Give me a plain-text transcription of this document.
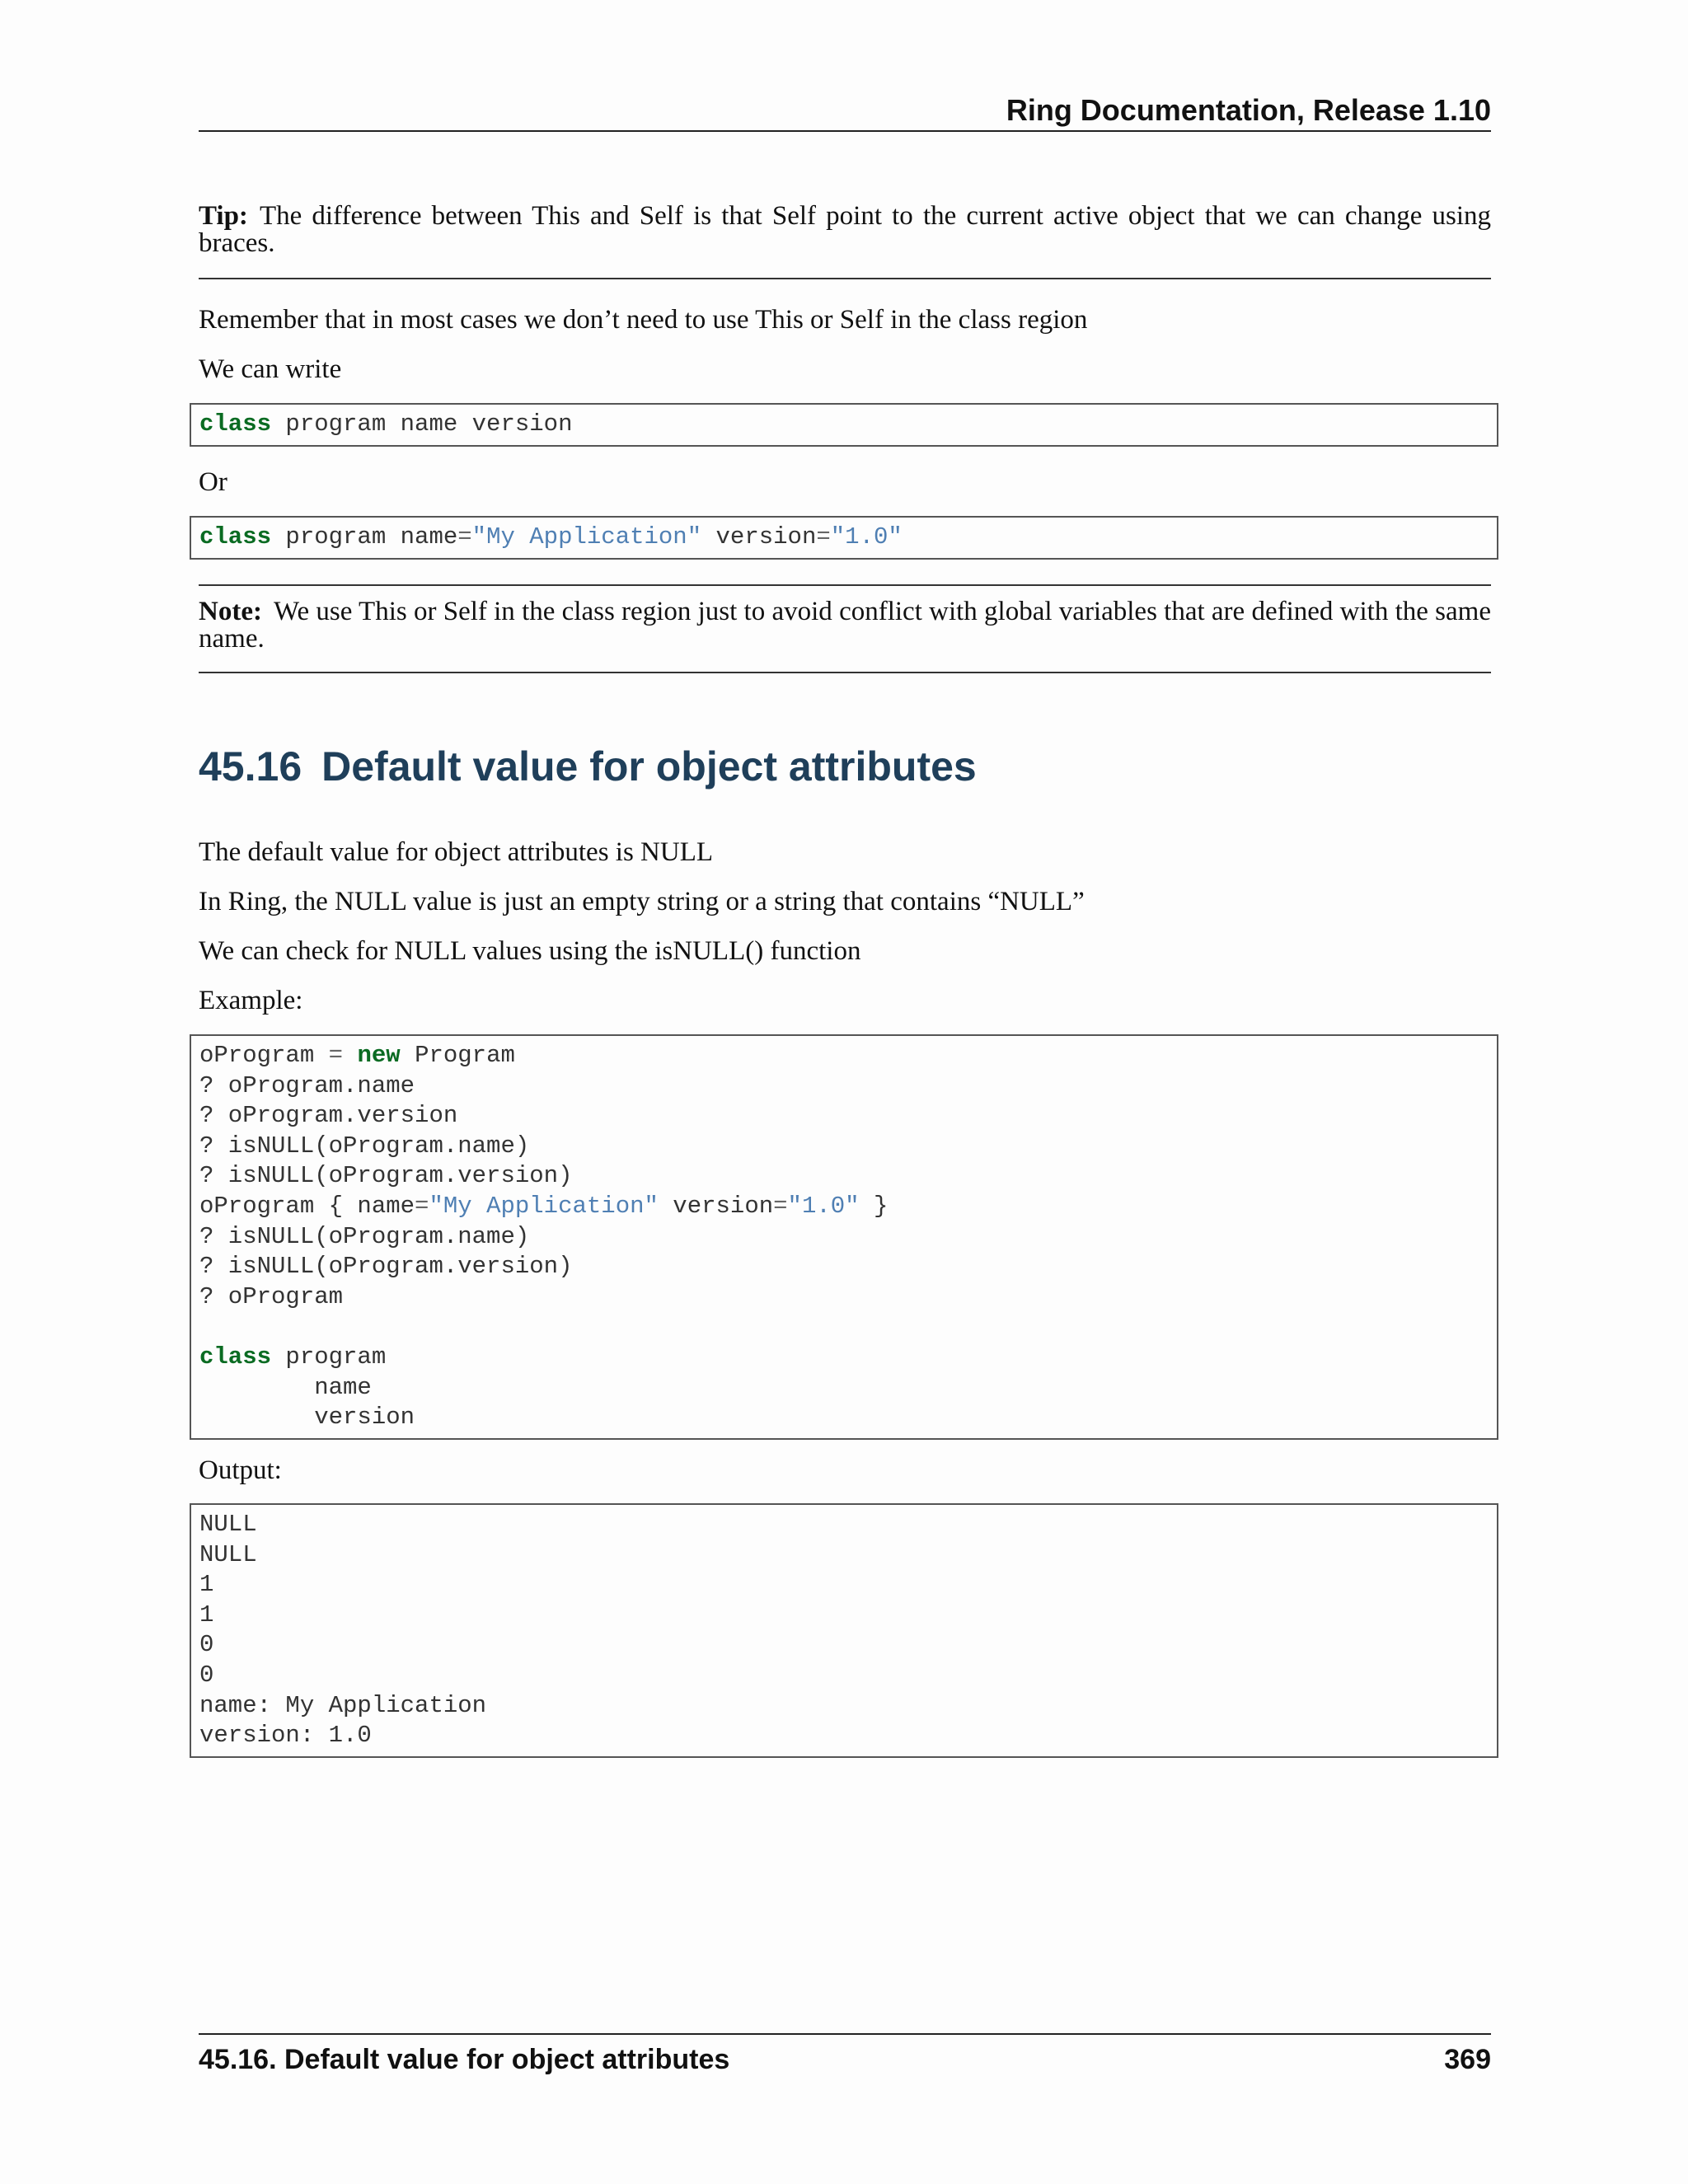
Ring Documentation, Release 1.10

Tip: The difference between This and Self is that Self point to the current active object that we can change using braces.

Remember that in most cases we don’t need to use This or Self in the class region

We can write

class program name version

Or

class program name="My Application" version="1.0"

Note: We use This or Self in the class region just to avoid conflict with global variables that are defined with the same name.

45.16 Default value for object attributes

The default value for object attributes is NULL

In Ring, the NULL value is just an empty string or a string that contains “NULL”

We can check for NULL values using the isNULL() function

Example:

oProgram = new Program
? oProgram.name
? oProgram.version
? isNULL(oProgram.name)
? isNULL(oProgram.version)
oProgram { name="My Application" version="1.0" }
? isNULL(oProgram.name)
? isNULL(oProgram.version)
? oProgram
class program
name
version

Output:

NULL
NULL
1
1
0
0
name: My Application
version: 1.0
45.16. Default value for object attributes	369
